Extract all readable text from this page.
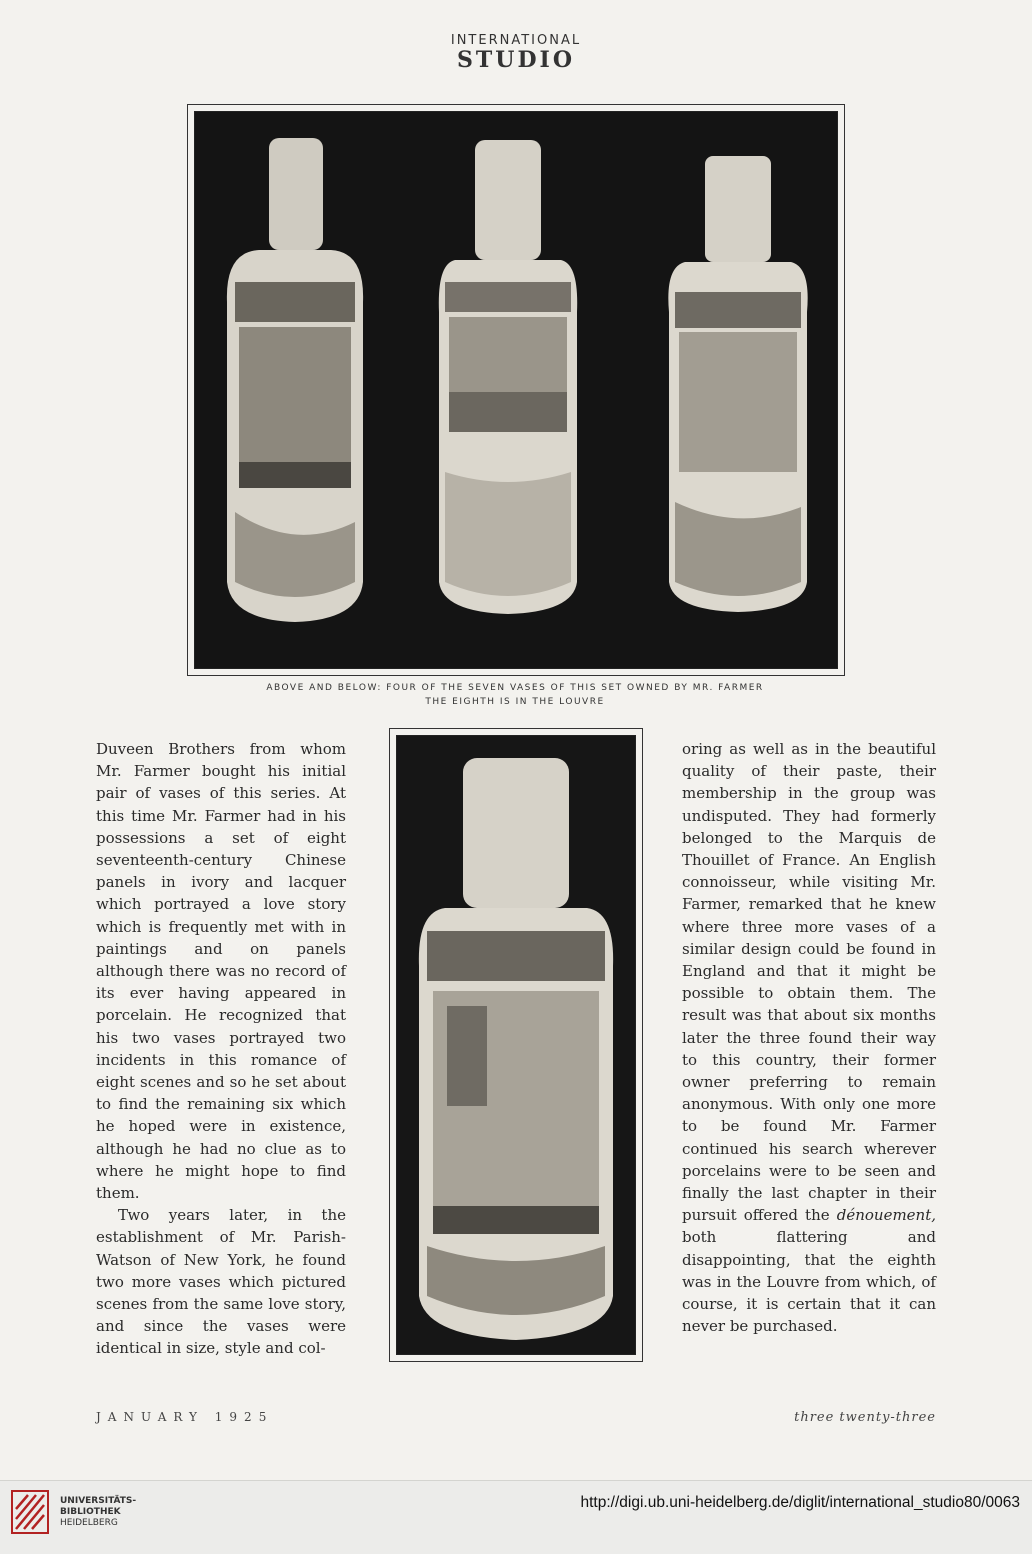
INTERNATIONAL
STUDIO
ABOVE AND BELOW: FOUR OF THE SEVEN VASES OF THIS SET OWNED BY MR. FARMER
THE EIGHTH IS IN THE LOUVRE

Duveen Brothers from whom Mr. Farmer bought his initial pair of vases of this series. At this time Mr. Farmer had in his possessions a set of eight seventeenth-century Chinese panels in ivory and lacquer which portrayed a love story which is frequently met with in paintings and on panels although there was no record of its ever having appeared in porcelain. He recognized that his two vases portrayed two incidents in this romance of eight scenes and so he set about to find the remaining six which he hoped were in existence, although he had no clue as to where he might hope to find them.

Two years later, in the establishment of Mr. Parish-Watson of New York, he found two more vases which pictured scenes from the same love story, and since the vases were identical in size, style and col-

oring as well as in the beautiful quality of their paste, their membership in the group was undisputed. They had formerly belonged to the Marquis de Thouillet of France. An English connoisseur, while visiting Mr. Farmer, remarked that he knew where three more vases of a similar design could be found in England and that it might be possible to obtain them. The result was that about six months later the three found their way to this country, their former owner preferring to remain anonymous. With only one more to be found Mr. Farmer continued his search wherever porcelains were to be seen and finally the last chapter in their pursuit offered the dénouement, both flattering and disappointing, that the eighth was in the Louvre from which, of course, it is certain that it can never be purchased.

JANUARY 1925	three twenty-three
UNIVERSITÄTS-
BIBLIOTHEK
HEIDELBERG
http://digi.ub.uni-heidelberg.de/diglit/international_studio80/0063
